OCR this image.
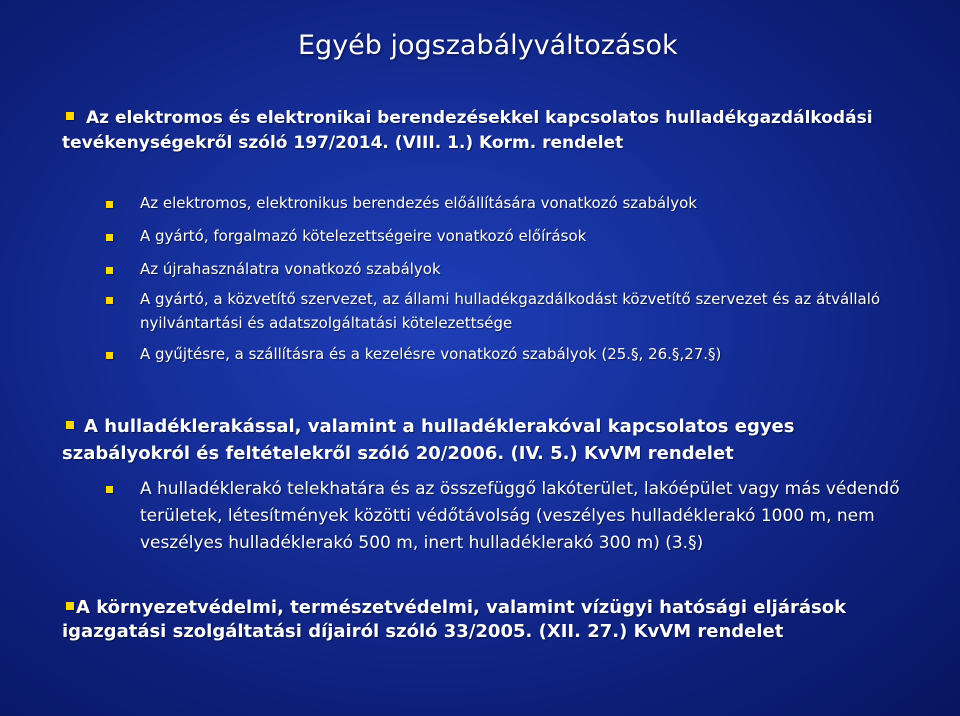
Egyéb jogszabályváltozások
Az elektromos és elektronikai berendezésekkel kapcsolatos hulladékgazdálkodási tevékenységekről szóló 197/2014. (VIII. 1.) Korm. rendelet
Az elektromos, elektronikus berendezés előállítására vonatkozó szabályok
A gyártó, forgalmazó kötelezettségeire vonatkozó előírások
Az újrahasználatra vonatkozó szabályok
A gyártó, a közvetítő szervezet, az állami hulladékgazdálkodást közvetítő szervezet és az átvállaló nyilvántartási és adatszolgáltatási kötelezettsége
A gyűjtésre, a szállításra és a kezelésre vonatkozó szabályok (25.§, 26.§,27.§)
A hulladéklerakással, valamint a hulladéklerakóval kapcsolatos egyes szabályokról és feltételekről szóló 20/2006. (IV. 5.) KvVM rendelet
A hulladéklerakó telekhatára és az összefüggő lakóterület, lakóépület vagy más védendő területek, létesítmények közötti védőtávolság (veszélyes hulladéklerakó 1000 m, nem veszélyes hulladéklerakó 500 m, inert hulladéklerakó 300 m) (3.§)
A környezetvédelmi, természetvédelmi, valamint vízügyi hatósági eljárások igazgatási szolgáltatási díjairól szóló 33/2005. (XII. 27.) KvVM rendelet
